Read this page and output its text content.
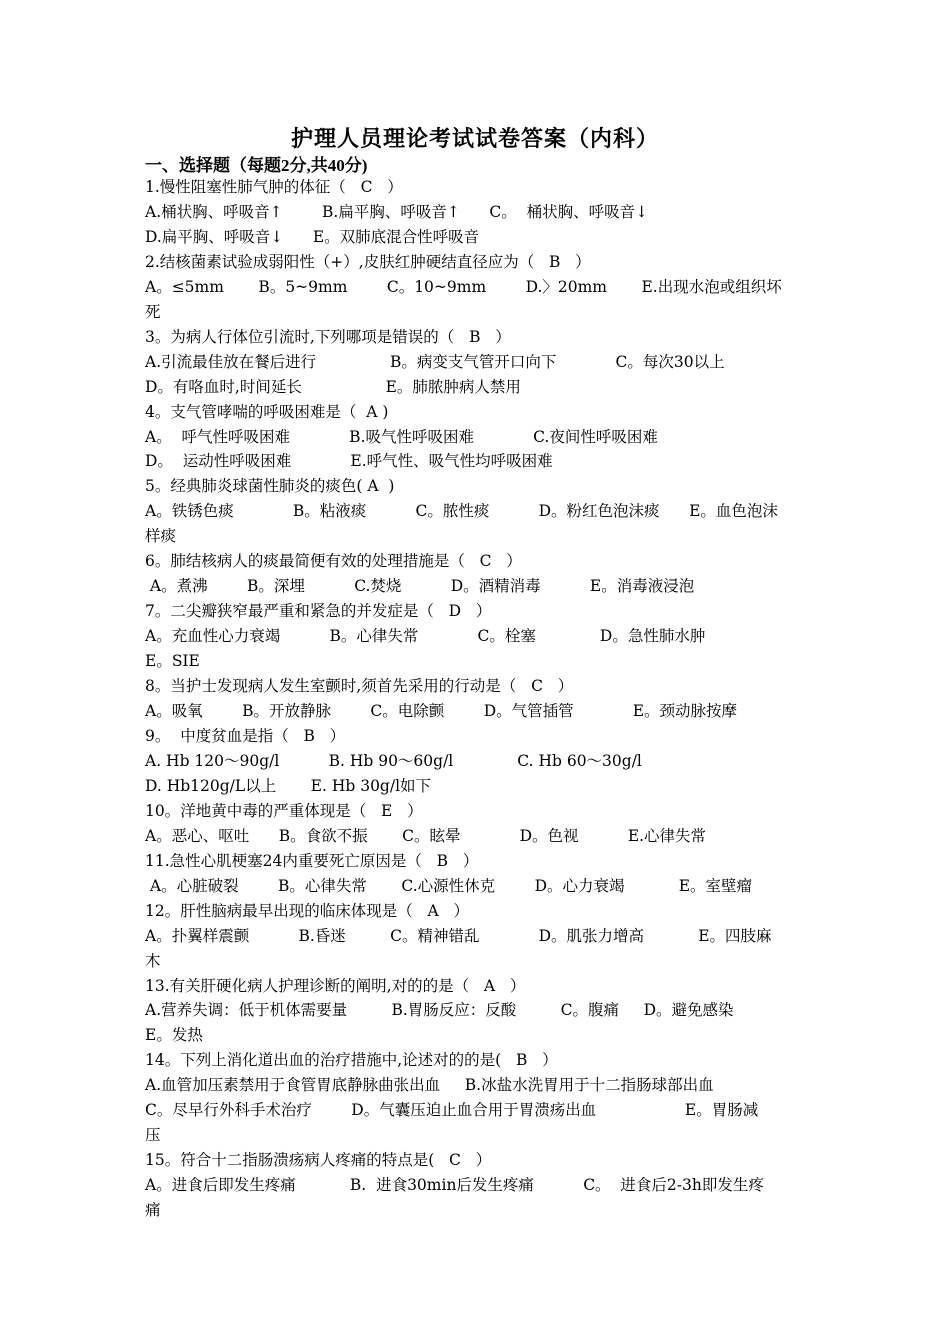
护理人员理论考试试卷答案（内科）
一、选择题（每题2分,共40分)
1.慢性阻塞性肺气肿的体征（   C   ）
A.桶状胸、呼吸音↑        B.扁平胸、呼吸音↑      C。  桶状胸、呼吸音↓
D.扁平胸、呼吸音↓      E。双肺底混合性呼吸音
2.结核菌素试验成弱阳性（+）,皮肤红肿硬结直径应为（   B   ）
A。≤5mm       B。5~9mm        C。10~9mm        D.〉20mm       E.出现水泡或组织坏
死
3。为病人行体位引流时,下列哪项是错误的（   B   ）
A.引流最佳放在餐后进行               B。病变支气管开口向下            C。每次30以上
D。有咯血时,时间延长                 E。肺脓肿病人禁用
4。支气管哮喘的呼吸困难是（  A )
A。  呼气性呼吸困难            B.吸气性呼吸困难            C.夜间性呼吸困难
D。  运动性呼吸困难            E.呼气性、吸气性均呼吸困难
5。经典肺炎球菌性肺炎的痰色( A  )
A。铁锈色痰            B。粘液痰          C。脓性痰          D。粉红色泡沫痰      E。血色泡沫
样痰
6。肺结核病人的痰最简便有效的处理措施是（   C   ）
A。煮沸        B。深埋          C.焚烧          D。酒精消毒          E。消毒液浸泡
7。二尖瓣狭窄最严重和紧急的并发症是（   D   ）
A。充血性心力衰竭          B。心律失常            C。栓塞             D。急性肺水肿
E。SIE
8。当护士发现病人发生室颤时,须首先采用的行动是（   C   ）
A。吸氧        B。开放静脉        C。电除颤        D。气管插管            E。颈动脉按摩
9。  中度贫血是指（   B   ）
A. Hb 120～90g/l          B. Hb 90～60g/l             C. Hb 60～30g/l
D. Hb120g/L以上       E. Hb 30g/l如下
10。洋地黄中毒的严重体现是（   E   ）
A。恶心、呕吐      B。食欲不振       C。眩晕            D。色视          E.心律失常
11.急性心肌梗塞24内重要死亡原因是（   B   ）
A。心脏破裂        B。心律失常       C.心源性休克        D。心力衰竭           E。室壁瘤
12。肝性脑病最早出现的临床体现是（   A   ）
A。扑翼样震颤          B.昏迷         C。精神错乱            D。肌张力增高           E。四肢麻
木
13.有关肝硬化病人护理诊断的阐明,对的的是（   A   ）
A.营养失调：低于机体需要量         B.胃肠反应：反酸         C。腹痛     D。避免感染
E。发热
14。下列上消化道出血的治疗措施中,论述对的的是(   B   ）
A.血管加压素禁用于食管胃底静脉曲张出血     B.冰盐水洗胃用于十二指肠球部出血
C。尽早行外科手术治疗        D。气囊压迫止血合用于胃溃疡出血                  E。胃肠减
压
15。符合十二指肠溃疡病人疼痛的特点是(   C   ）
A。进食后即发生疼痛           B.  进食30min后发生疼痛          C。  进食后2-3h即发生疼
痛
